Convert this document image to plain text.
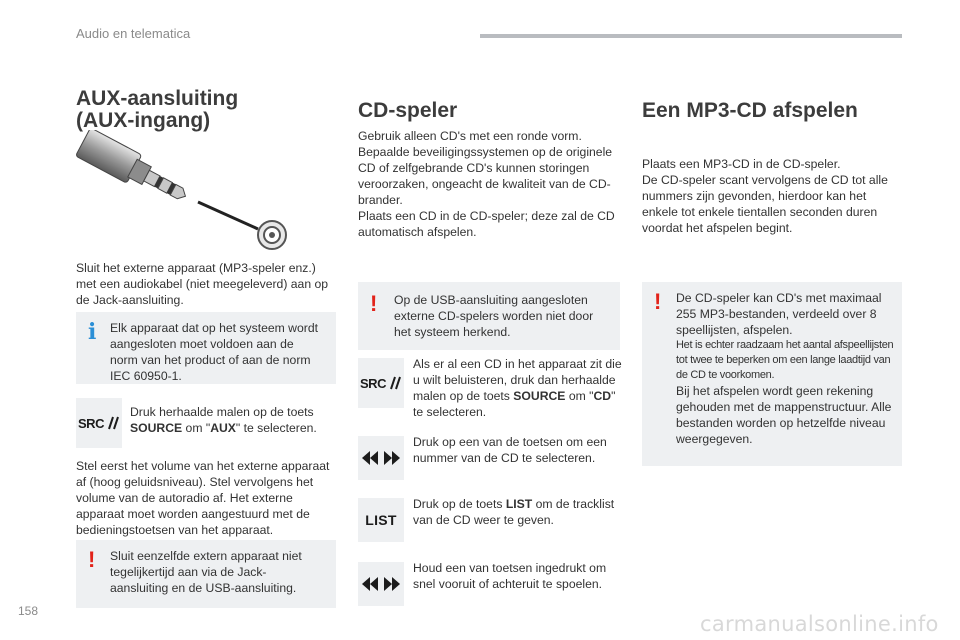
Audio en telematica
AUX-aansluiting
(AUX-ingang)

Sluit het externe apparaat (MP3-speler enz.) met een audiokabel (niet meegeleverd) aan op de Jack-aansluiting.

i Elk apparaat dat op het systeem wordt aangesloten moet voldoen aan de norm van het product of aan de norm IEC 60950-1.
SRC
Druk herhaalde malen op de toets SOURCE om "AUX" te selecteren.

Stel eerst het volume van het externe apparaat af (hoog geluidsniveau). Stel vervolgens het volume van de autoradio af. Het externe apparaat moet worden aangestuurd met de bedieningstoetsen van het apparaat.

! Sluit eenzelfde extern apparaat niet tegelijkertijd aan via de Jack-aansluiting en de USB-aansluiting.
CD-speler

Gebruik alleen CD's met een ronde vorm.
Bepaalde beveiligingssystemen op de originele CD of zelfgebrande CD's kunnen storingen veroorzaken, ongeacht de kwaliteit van de CD-brander.
Plaats een CD in de CD-speler; deze zal de CD automatisch afspelen.

! Op de USB-aansluiting aangesloten externe CD-spelers worden niet door het systeem herkend.
SRC
Als er al een CD in het apparaat zit die u wilt beluisteren, druk dan herhaalde malen op de toets SOURCE om "CD" te selecteren.
Druk op een van de toetsen om een nummer van de CD te selecteren.
LIST
Druk op de toets LIST om de tracklist van de CD weer te geven.
Houd een van toetsen ingedrukt om snel vooruit of achteruit te spoelen.
Een MP3-CD afspelen

Plaats een MP3-CD in de CD-speler.
De CD-speler scant vervolgens de CD tot alle nummers zijn gevonden, hierdoor kan het enkele tot enkele tientallen seconden duren voordat het afspelen begint.

! De CD-speler kan CD's met maximaal 255 MP3-bestanden, verdeeld over 8 speellijsten, afspelen.
Het is echter raadzaam het aantal afspeellijsten tot twee te beperken om een lange laadtijd van de CD te voorkomen.
Bij het afspelen wordt geen rekening gehouden met de mappenstructuur. Alle bestanden worden op hetzelfde niveau weergegeven.
158
carmanualsonline.info
